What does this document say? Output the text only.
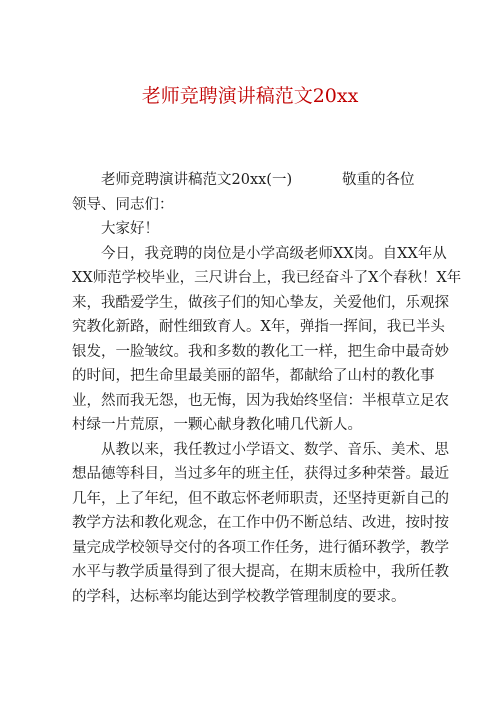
老师竞聘演讲稿范文20xx
老师竞聘演讲稿范文20xx(一)	敬重的各位
领导、同志们：
大家好！
今日，我竞聘的岗位是小学高级老师XX岗。自XX年从
XX师范学校毕业，三尺讲台上，我已经奋斗了X个春秋！X年
来，我酷爱学生，做孩子们的知心挚友，关爱他们，乐观探
究教化新路，耐性细致育人。X年，弹指一挥间，我已半头
银发，一脸皱纹。我和多数的教化工一样，把生命中最奇妙
的时间，把生命里最美丽的韶华，都献给了山村的教化事
业，然而我无怨，也无悔，因为我始终坚信：半根草立足农
村绿一片荒原，一颗心献身教化哺几代新人。
从教以来，我任教过小学语文、数学、音乐、美术、思
想品德等科目，当过多年的班主任，获得过多种荣誉。最近
几年，上了年纪，但不敢忘怀老师职责，还坚持更新自己的
教学方法和教化观念，在工作中仍不断总结、改进，按时按
量完成学校领导交付的各项工作任务，进行循环教学，教学
水平与教学质量得到了很大提高，在期末质检中，我所任教
的学科，达标率均能达到学校教学管理制度的要求。
